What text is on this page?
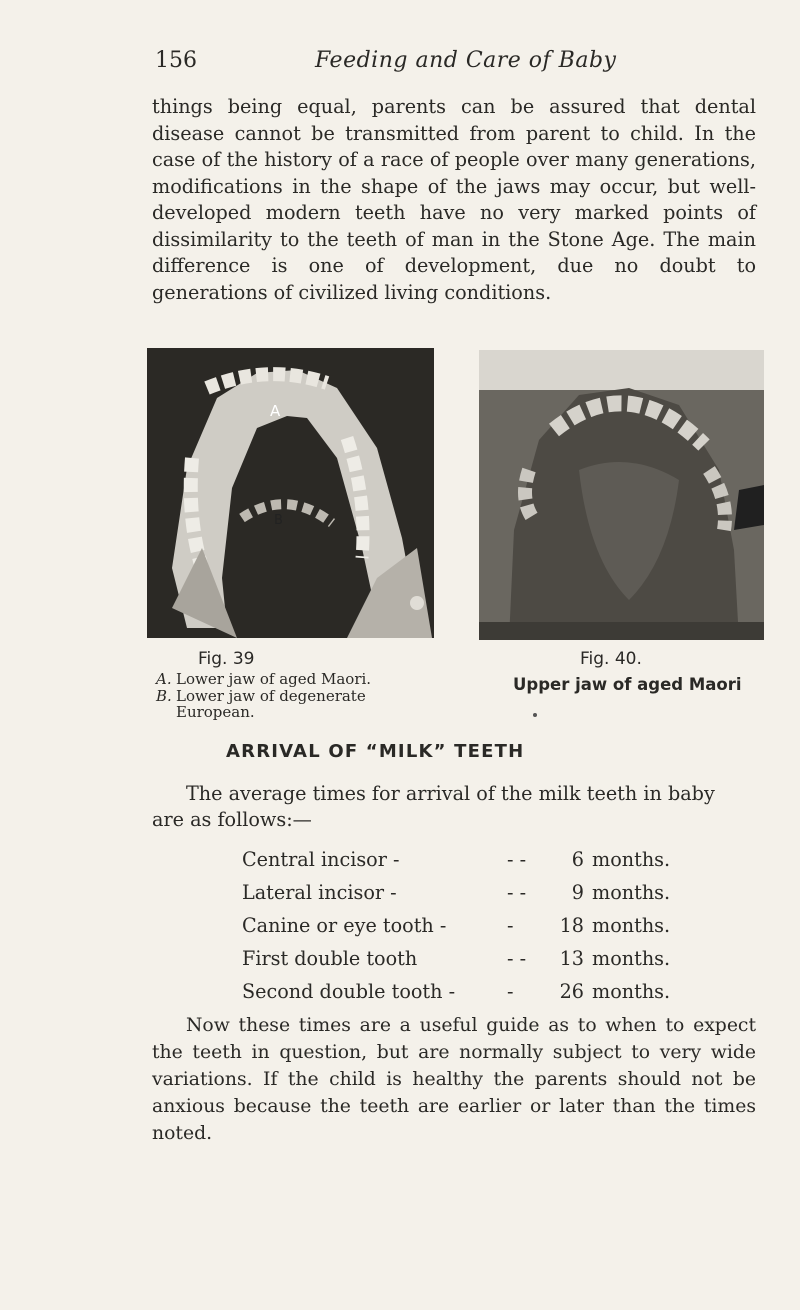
156	Feeding and Care of Baby

things being equal, parents can be assured that dental disease cannot be transmitted from parent to child. In the case of the history of a race of people over many generations, modifications in the shape of the jaws may occur, but well-developed modern teeth have no very marked points of dissimilarity to the teeth of man in the Stone Age. The main difference is one of development, due no doubt to generations of civilized living conditions.

A
B
Fig. 39
A. Lower jaw of aged Maori.
B. Lower jaw of degenerate
European.
Fig. 40.
Upper jaw of aged Maori
ARRIVAL OF “MILK” TEETH
The average times for arrival of the milk teeth in baby
are as follows:—
Central incisor -	- -	6 months.
Lateral incisor -	- -	9 months.
Canine or eye tooth -	- 18 months.
First double tooth	- - 13 months.
Second double tooth -	- 26 months.

Now these times are a useful guide as to when to expect the teeth in question, but are normally subject to very wide variations. If the child is healthy the parents should not be anxious because the teeth are earlier or later than the times noted.
